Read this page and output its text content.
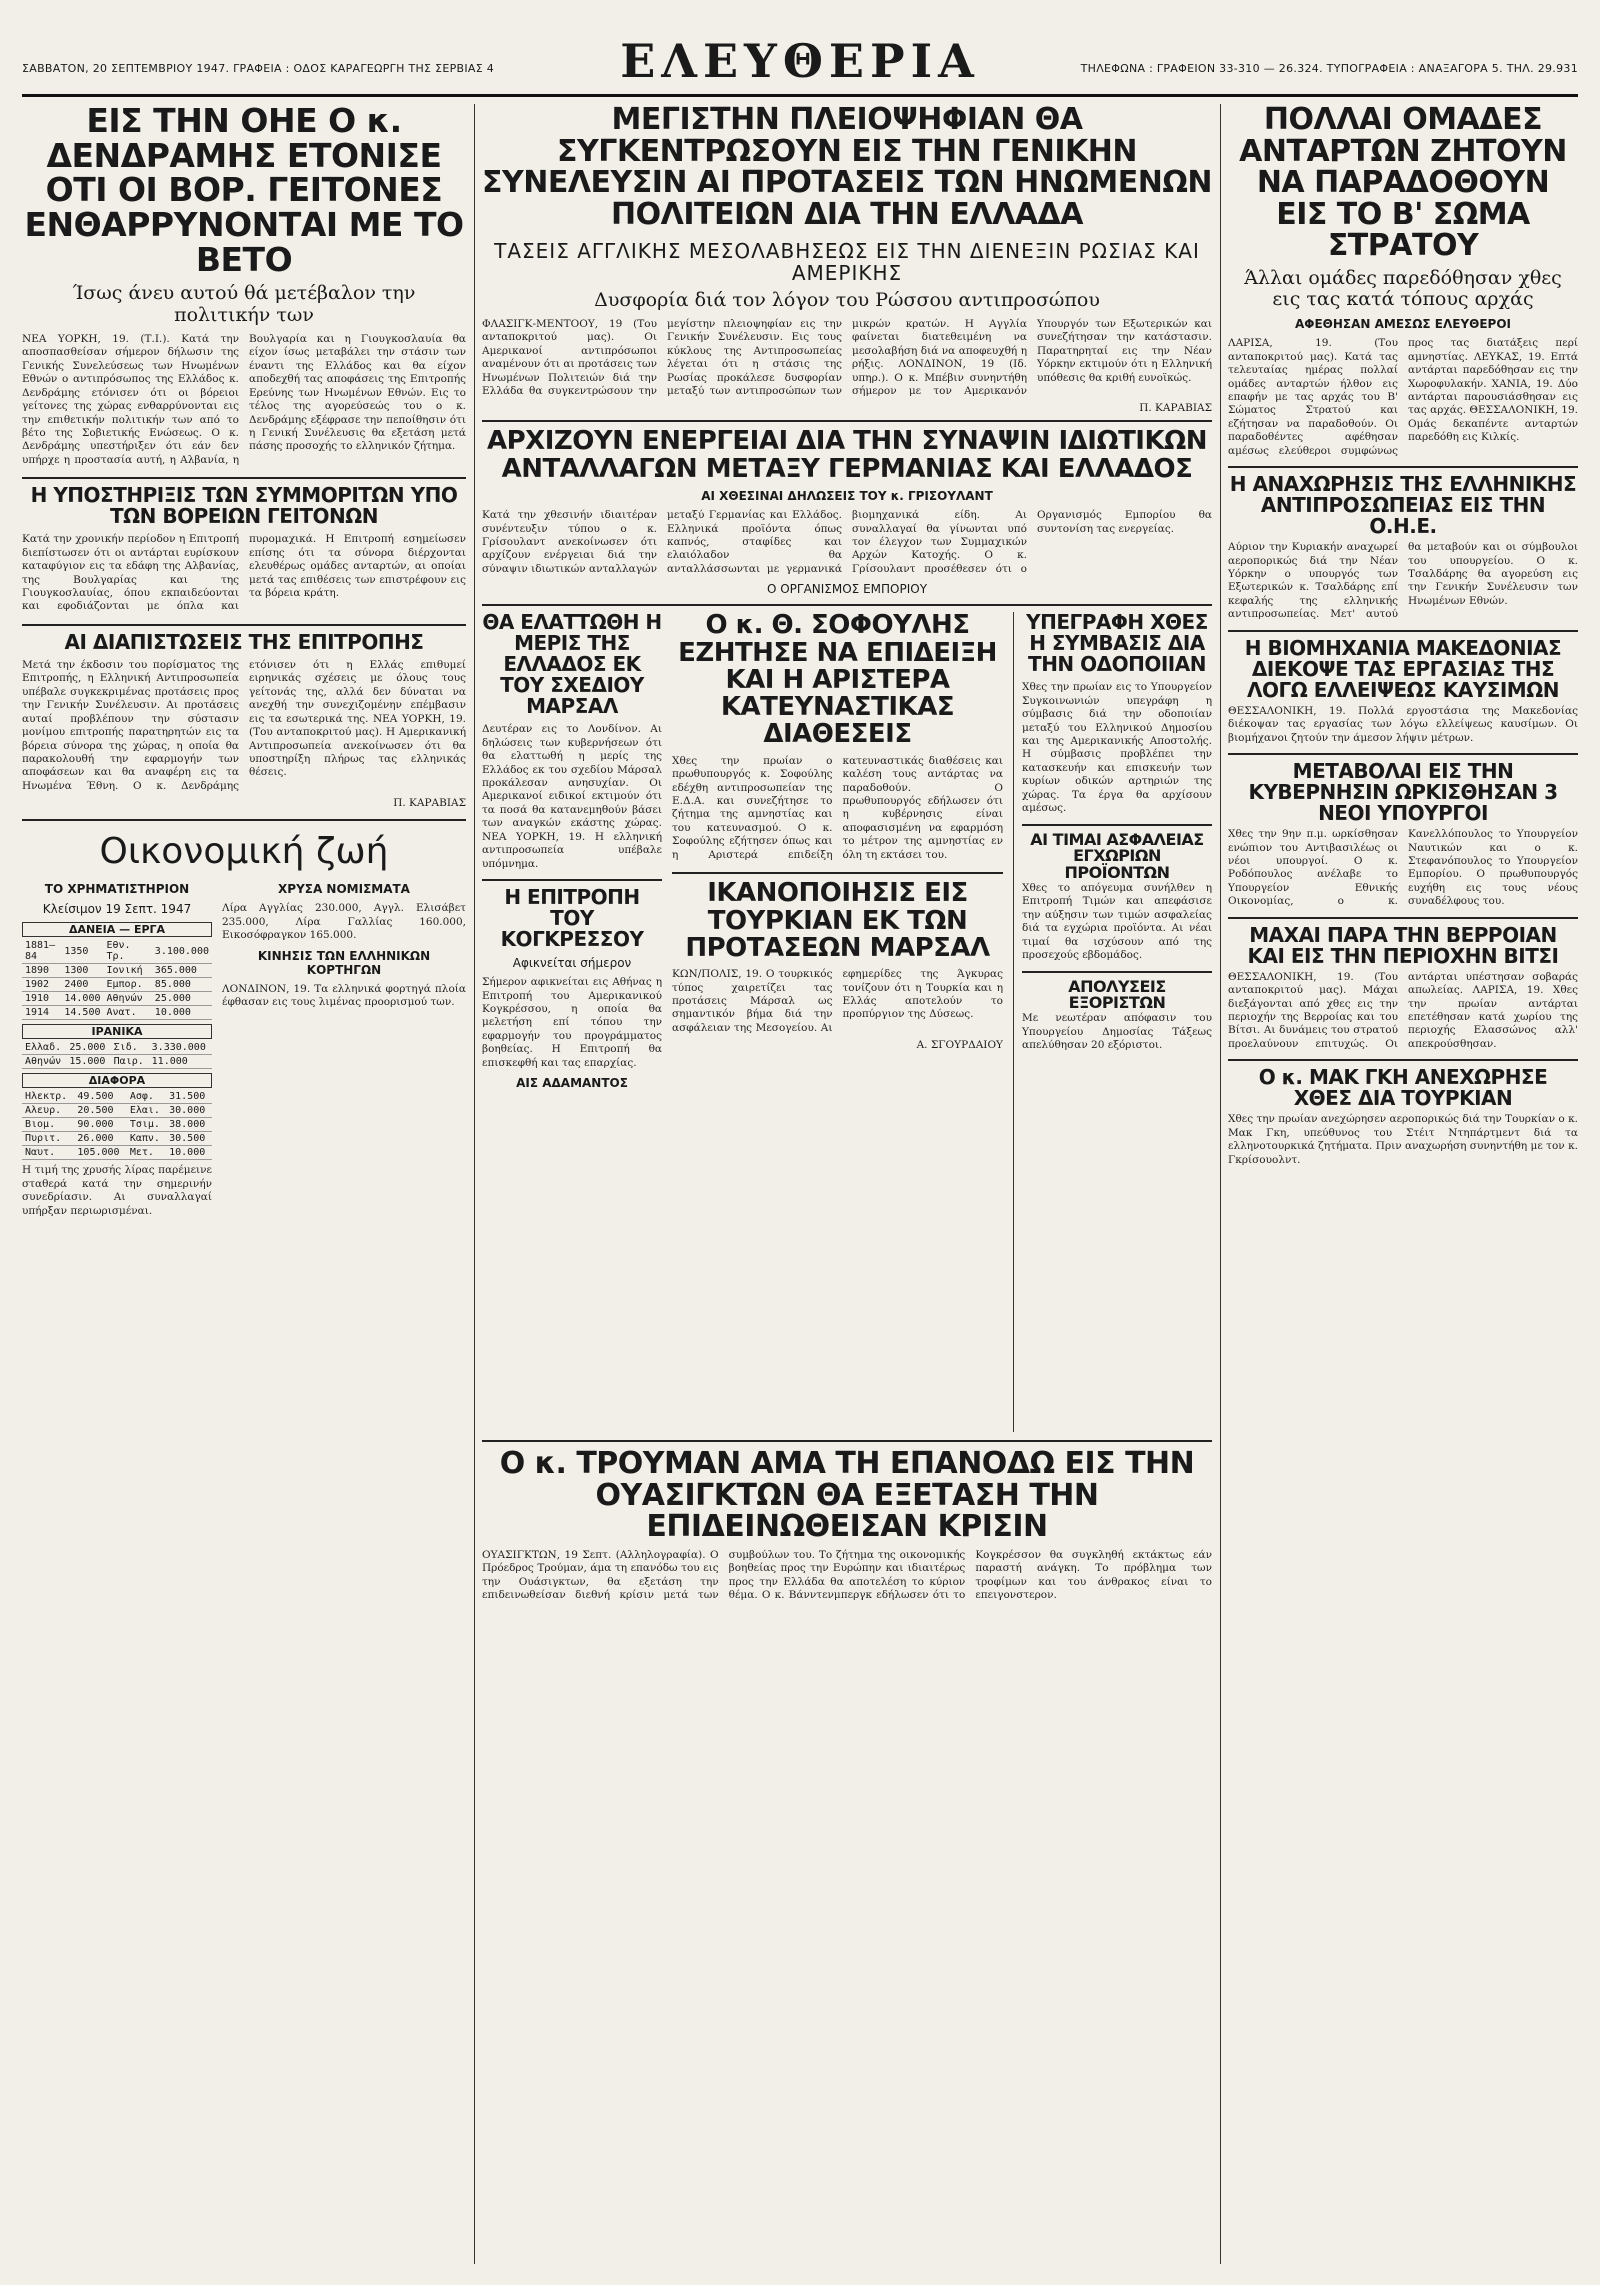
ΣΑΒΒΑΤΟΝ, 20 ΣΕΠΤΕΜΒΡΙΟΥ 1947. ΓΡΑΦΕΙΑ : ΟΔΟΣ ΚΑΡΑΓΕΩΡΓΗ ΤΗΣ ΣΕΡΒΙΑΣ 4	ΕΛΕΥΘΕΡΙΑ	ΤΗΛΕΦΩΝΑ : ΓΡΑΦΕΙΟΝ 33-310 — 26.324. ΤΥΠΟΓΡΑΦΕΙΑ : ΑΝΑΞΑΓΟΡΑ 5. ΤΗΛ. 29.931
ΕΙΣ ΤΗΝ ΟΗΕ Ο κ. ΔΕΝΔΡΑΜΗΣ ΕΤΟΝΙΣΕ ΟΤΙ ΟΙ ΒΟΡ. ΓΕΙΤΟΝΕΣ ΕΝΘΑΡΡΥΝΟΝΤΑΙ ΜΕ ΤΟ ΒΕΤΟ
Ίσως άνευ αυτού θά μετέβαλον την πολιτικήν των

ΝΕΑ ΥΟΡΚΗ, 19. (Τ.Ι.). Κατά την αποσπασθείσαν σήμερον δήλωσιν της Γενικής Συνελεύσεως των Ηνωμένων Εθνών ο αντιπρόσωπος της Ελλάδος κ. Δενδράμης ετόνισεν ότι οι βόρειοι γείτονες της χώρας ενθαρρύνονται εις την επιθετικήν πολιτικήν των από το βέτο της Σοβιετικής Ενώσεως. Ο κ. Δενδράμης υπεστήριξεν ότι εάν δεν υπήρχε η προστασία αυτή, η Αλβανία, η Βουλγαρία και η Γιουγκοσλαυία θα είχον ίσως μεταβάλει την στάσιν των έναντι της Ελλάδος και θα είχον αποδεχθή τας αποφάσεις της Επιτροπής Ερεύνης των Ηνωμένων Εθνών. Εις το τέλος της αγορεύσεώς του ο κ. Δενδράμης εξέφρασε την πεποίθησιν ότι η Γενική Συνέλευσις θα εξετάση μετά πάσης προσοχής το ελληνικόν ζήτημα.

Η ΥΠΟΣΤΗΡΙΞΙΣ ΤΩΝ ΣΥΜΜΟΡΙΤΩΝ ΥΠΟ ΤΩΝ ΒΟΡΕΙΩΝ ΓΕΙΤΟΝΩΝ

Κατά την χρονικήν περίοδον η Επιτροπή διεπίστωσεν ότι οι αντάρται ευρίσκουν καταφύγιον εις τα εδάφη της Αλβανίας, της Βουλγαρίας και της Γιουγκοσλαυίας, όπου εκπαιδεύονται και εφοδιάζονται με όπλα και πυρομαχικά. Η Επιτροπή εσημείωσεν επίσης ότι τα σύνορα διέρχονται ελευθέρως ομάδες ανταρτών, αι οποίαι μετά τας επιθέσεις των επιστρέφουν εις τα βόρεια κράτη.

ΑΙ ΔΙΑΠΙΣΤΩΣΕΙΣ ΤΗΣ ΕΠΙΤΡΟΠΗΣ

Μετά την έκδοσιν του πορίσματος της Επιτροπής, η Ελληνική Αντιπροσωπεία υπέβαλε συγκεκριμένας προτάσεις προς την Γενικήν Συνέλευσιν. Αι προτάσεις αυταί προβλέπουν την σύστασιν μονίμου επιτροπής παρατηρητών εις τα βόρεια σύνορα της χώρας, η οποία θα παρακολουθή την εφαρμογήν των αποφάσεων και θα αναφέρη εις τα Ηνωμένα Έθνη. Ο κ. Δενδράμης ετόνισεν ότι η Ελλάς επιθυμεί ειρηνικάς σχέσεις με όλους τους γείτονάς της, αλλά δεν δύναται να ανεχθή την συνεχιζομένην επέμβασιν εις τα εσωτερικά της. ΝΕΑ ΥΟΡΚΗ, 19. (Του ανταποκριτού μας). Η Αμερικανική Αντιπροσωπεία ανεκοίνωσεν ότι θα υποστηρίξη πλήρως τας ελληνικάς θέσεις.

Π. ΚΑΡΑΒΙΑΣ
Οικονομική ζωή
ΤΟ ΧΡΗΜΑΤΙΣΤΗΡΙΟΝ
Κλείσιμον 19 Σεπτ. 1947
ΔΑΝΕΙΑ — ΕΡΓΑ
1881—84	1350	Εθν. Τρ.	3.100.000
1890	1300	Ιονική	365.000
1902	2400	Εμπορ.	85.000
1910	14.000	Αθηνών	25.000
1914	14.500	Ανατ.	10.000
ΙΡΑΝΙΚΑ
Ελλαδ.	25.000	Σιδ.	3.330.000
Αθηνών	15.000	Παιρ.	11.000
ΔΙΑΦΟΡΑ
Ηλεκτρ.	49.500	Ασφ.	31.500
Αλευρ.	20.500	Ελαι.	30.000
Βιομ.	90.000	Τσιμ.	38.000
Πυριτ.	26.000	Καπν.	30.500
Ναυτ.	105.000	Μετ.	10.000

Η τιμή της χρυσής λίρας παρέμεινε σταθερά κατά την σημερινήν συνεδρίασιν. Αι συναλλαγαί υπήρξαν περιωρισμέναι.

ΧΡΥΣΑ ΝΟΜΙΣΜΑΤΑ

Λίρα Αγγλίας 230.000, Αγγλ. Ελισάβετ 235.000, Λίρα Γαλλίας 160.000, Εικοσόφραγκον 165.000.

ΚΙΝΗΣΙΣ ΤΩΝ ΕΛΛΗΝΙΚΩΝ ΚΟΡΤΗΓΩΝ

ΛΟΝΔΙΝΟΝ, 19. Τα ελληνικά φορτηγά πλοία έφθασαν εις τους λιμένας προορισμού των.

ΜΕΓΙΣΤΗΝ ΠΛΕΙΟΨΗΦΙΑΝ ΘΑ ΣΥΓΚΕΝΤΡΩΣΟΥΝ ΕΙΣ ΤΗΝ ΓΕΝΙΚΗΝ ΣΥΝΕΛΕΥΣΙΝ ΑΙ ΠΡΟΤΑΣΕΙΣ ΤΩΝ ΗΝΩΜΕΝΩΝ ΠΟΛΙΤΕΙΩΝ ΔΙΑ ΤΗΝ ΕΛΛΑΔΑ
ΤΑΣΕΙΣ ΑΓΓΛΙΚΗΣ ΜΕΣΟΛΑΒΗΣΕΩΣ ΕΙΣ ΤΗΝ ΔΙΕΝΕΞΙΝ ΡΩΣΙΑΣ ΚΑΙ ΑΜΕΡΙΚΗΣ
Δυσφορία διά τον λόγον του Ρώσσου αντιπροσώπου

ΦΛΑΣΙΓΚ-ΜΕΝΤΟΟΥ, 19 (Του ανταποκριτού μας). Οι Αμερικανοί αντιπρόσωποι αναμένουν ότι αι προτάσεις των Ηνωμένων Πολιτειών διά την Ελλάδα θα συγκεντρώσουν την μεγίστην πλειοψηφίαν εις την Γενικήν Συνέλευσιν. Εις τους κύκλους της Αντιπροσωπείας λέγεται ότι η στάσις της Ρωσίας προκάλεσε δυσφορίαν μεταξύ των αντιπροσώπων των μικρών κρατών. Η Αγγλία φαίνεται διατεθειμένη να μεσολαβήση διά να αποφευχθή η ρήξις. ΛΟΝΔΙΝΟΝ, 19 (Ιδ. υπηρ.). Ο κ. Μπέβιν συνηντήθη σήμερον με τον Αμερικανόν Υπουργόν των Εξωτερικών και συνεζήτησαν την κατάστασιν. Παρατηρηταί εις την Νέαν Υόρκην εκτιμούν ότι η Ελληνική υπόθεσις θα κριθή ευνοϊκώς.

Π. ΚΑΡΑΒΙΑΣ
ΑΡΧΙΖΟΥΝ ΕΝΕΡΓΕΙΑΙ ΔΙΑ ΤΗΝ ΣΥΝΑΨΙΝ ΙΔΙΩΤΙΚΩΝ ΑΝΤΑΛΛΑΓΩΝ ΜΕΤΑΞΥ ΓΕΡΜΑΝΙΑΣ ΚΑΙ ΕΛΛΑΔΟΣ
ΑΙ ΧΘΕΣΙΝΑΙ ΔΗΛΩΣΕΙΣ ΤΟΥ κ. ΓΡΙΣΟΥΛΑΝΤ

Κατά την χθεσινήν ιδιαιτέραν συνέντευξιν τύπου ο κ. Γρίσουλαντ ανεκοίνωσεν ότι αρχίζουν ενέργειαι διά την σύναψιν ιδιωτικών ανταλλαγών μεταξύ Γερμανίας και Ελλάδος. Ελληνικά προϊόντα όπως καπνός, σταφίδες και ελαιόλαδον θα ανταλλάσσωνται με γερμανικά βιομηχανικά είδη. Αι συναλλαγαί θα γίνωνται υπό τον έλεγχον των Συμμαχικών Αρχών Κατοχής. Ο κ. Γρίσουλαντ προσέθεσεν ότι ο Οργανισμός Εμπορίου θα συντονίση τας ενεργείας.

Ο ΟΡΓΑΝΙΣΜΟΣ ΕΜΠΟΡΙΟΥ
ΘΑ ΕΛΑΤΤΩΘΗ Η ΜΕΡΙΣ ΤΗΣ ΕΛΛΑΔΟΣ ΕΚ ΤΟΥ ΣΧΕΔΙΟΥ ΜΑΡΣΑΛ

Δευτέραν εις το Λονδίνον. Αι δηλώσεις των κυβερνήσεων ότι θα ελαττωθή η μερίς της Ελλάδος εκ του σχεδίου Μάρσαλ προκάλεσαν ανησυχίαν. Οι Αμερικανοί ειδικοί εκτιμούν ότι τα ποσά θα κατανεμηθούν βάσει των αναγκών εκάστης χώρας. ΝΕΑ ΥΟΡΚΗ, 19. Η ελληνική αντιπροσωπεία υπέβαλε υπόμνημα.

Η ΕΠΙΤΡΟΠΗ ΤΟΥ ΚΟΓΚΡΕΣΣΟΥ
Αφικνείται σήμερον

Σήμερον αφικνείται εις Αθήνας η Επιτροπή του Αμερικανικού Κογκρέσσου, η οποία θα μελετήση επί τόπου την εφαρμογήν του προγράμματος βοηθείας. Η Επιτροπή θα επισκεφθή και τας επαρχίας.

ΑΙΣ ΑΔΑΜΑΝΤΟΣ
Ο κ. Θ. ΣΟΦΟΥΛΗΣ ΕΖΗΤΗΣΕ ΝΑ ΕΠΙΔΕΙΞΗ ΚΑΙ Η ΑΡΙΣΤΕΡΑ ΚΑΤΕΥΝΑΣΤΙΚΑΣ ΔΙΑΘΕΣΕΙΣ

Χθες την πρωίαν ο πρωθυπουργός κ. Σοφούλης εδέχθη αντιπροσωπείαν της Ε.Δ.Α. και συνεζήτησε το ζήτημα της αμνηστίας και του κατευνασμού. Ο κ. Σοφούλης εζήτησεν όπως και η Αριστερά επιδείξη κατευναστικάς διαθέσεις και καλέση τους αντάρτας να παραδοθούν. Ο πρωθυπουργός εδήλωσεν ότι η κυβέρνησις είναι αποφασισμένη να εφαρμόση το μέτρον της αμνηστίας εν όλη τη εκτάσει του.

ΙΚΑΝΟΠΟΙΗΣΙΣ ΕΙΣ ΤΟΥΡΚΙΑΝ ΕΚ ΤΩΝ ΠΡΟΤΑΣΕΩΝ ΜΑΡΣΑΛ

ΚΩΝ/ΠΟΛΙΣ, 19. Ο τουρκικός τύπος χαιρετίζει τας προτάσεις Μάρσαλ ως σημαντικόν βήμα διά την ασφάλειαν της Μεσογείου. Αι εφημερίδες της Άγκυρας τονίζουν ότι η Τουρκία και η Ελλάς αποτελούν το προπύργιον της Δύσεως.

Α. ΣΓΟΥΡΔΑΙΟΥ
ΥΠΕΓΡΑΦΗ ΧΘΕΣ Η ΣΥΜΒΑΣΙΣ ΔΙΑ ΤΗΝ ΟΔΟΠΟΙΙΑΝ

Χθες την πρωίαν εις το Υπουργείον Συγκοινωνιών υπεγράφη η σύμβασις διά την οδοποιίαν μεταξύ του Ελληνικού Δημοσίου και της Αμερικανικής Αποστολής. Η σύμβασις προβλέπει την κατασκευήν και επισκευήν των κυρίων οδικών αρτηριών της χώρας. Τα έργα θα αρχίσουν αμέσως.

ΑΙ ΤΙΜΑΙ ΑΣΦΑΛΕΙΑΣ ΕΓΧΩΡΙΩΝ ΠΡΟΪΟΝΤΩΝ

Χθες το απόγευμα συνήλθεν η Επιτροπή Τιμών και απεφάσισε την αύξησιν των τιμών ασφαλείας διά τα εγχώρια προϊόντα. Αι νέαι τιμαί θα ισχύσουν από της προσεχούς εβδομάδος.

ΑΠΟΛΥΣΕΙΣ ΕΞΟΡΙΣΤΩΝ

Με νεωτέραν απόφασιν του Υπουργείου Δημοσίας Τάξεως απελύθησαν 20 εξόριστοι.

Ο κ. ΤΡΟΥΜΑΝ ΑΜΑ ΤΗ ΕΠΑΝΟΔΩ ΕΙΣ ΤΗΝ ΟΥΑΣΙΓΚΤΩΝ ΘΑ ΕΞΕΤΑΣΗ ΤΗΝ ΕΠΙΔΕΙΝΩΘΕΙΣΑΝ ΚΡΙΣΙΝ

ΟΥΑΣΙΓΚΤΩΝ, 19 Σεπτ. (Αλληλογραφία). Ο Πρόεδρος Τρούμαν, άμα τη επανόδω του εις την Ουάσιγκτων, θα εξετάση την επιδεινωθείσαν διεθνή κρίσιν μετά των συμβούλων του. Το ζήτημα της οικονομικής βοηθείας προς την Ευρώπην και ιδιαιτέρως προς την Ελλάδα θα αποτελέση το κύριον θέμα. Ο κ. Βάνντενμπεργκ εδήλωσεν ότι το Κογκρέσσον θα συγκληθή εκτάκτως εάν παραστή ανάγκη. Το πρόβλημα των τροφίμων και του άνθρακος είναι το επειγονστερον.

ΠΟΛΛΑΙ ΟΜΑΔΕΣ ΑΝΤΑΡΤΩΝ ΖΗΤΟΥΝ ΝΑ ΠΑΡΑΔΟΘΟΥΝ ΕΙΣ ΤΟ Β' ΣΩΜΑ ΣΤΡΑΤΟΥ
Άλλαι ομάδες παρεδόθησαν χθες εις τας κατά τόπους αρχάς
ΑΦΕΘΗΣΑΝ ΑΜΕΣΩΣ ΕΛΕΥΘΕΡΟΙ

ΛΑΡΙΣΑ, 19. (Του ανταποκριτού μας). Κατά τας τελευταίας ημέρας πολλαί ομάδες ανταρτών ήλθον εις επαφήν με τας αρχάς του Β' Σώματος Στρατού και εζήτησαν να παραδοθούν. Οι παραδοθέντες αφέθησαν αμέσως ελεύθεροι συμφώνως προς τας διατάξεις περί αμνηστίας. ΛΕΥΚΑΣ, 19. Επτά αντάρται παρεδόθησαν εις την Χωροφυλακήν. ΧΑΝΙΑ, 19. Δύο αντάρται παρουσιάσθησαν εις τας αρχάς. ΘΕΣΣΑΛΟΝΙΚΗ, 19. Ομάς δεκαπέντε ανταρτών παρεδόθη εις Κιλκίς.

Η ΑΝΑΧΩΡΗΣΙΣ ΤΗΣ ΕΛΛΗΝΙΚΗΣ ΑΝΤΙΠΡΟΣΩΠΕΙΑΣ ΕΙΣ ΤΗΝ Ο.Η.Ε.

Αύριον την Κυριακήν αναχωρεί αεροπορικώς διά την Νέαν Υόρκην ο υπουργός των Εξωτερικών κ. Τσαλδάρης επί κεφαλής της ελληνικής αντιπροσωπείας. Μετ' αυτού θα μεταβούν και οι σύμβουλοι του υπουργείου. Ο κ. Τσαλδάρης θα αγορεύση εις την Γενικήν Συνέλευσιν των Ηνωμένων Εθνών.

Η ΒΙΟΜΗΧΑΝΙΑ ΜΑΚΕΔΟΝΙΑΣ ΔΙΕΚΟΨΕ ΤΑΣ ΕΡΓΑΣΙΑΣ ΤΗΣ ΛΟΓΩ ΕΛΛΕΙΨΕΩΣ ΚΑΥΣΙΜΩΝ

ΘΕΣΣΑΛΟΝΙΚΗ, 19. Πολλά εργοστάσια της Μακεδονίας διέκοψαν τας εργασίας των λόγω ελλείψεως καυσίμων. Οι βιομήχανοι ζητούν την άμεσον λήψιν μέτρων.

ΜΕΤΑΒΟΛΑΙ ΕΙΣ ΤΗΝ ΚΥΒΕΡΝΗΣΙΝ ΩΡΚΙΣΘΗΣΑΝ 3 ΝΕΟΙ ΥΠΟΥΡΓΟΙ

Χθες την 9ην π.μ. ωρκίσθησαν ενώπιον του Αντιβασιλέως οι νέοι υπουργοί. Ο κ. Ροδόπουλος ανέλαβε το Υπουργείον Εθνικής Οικονομίας, ο κ. Κανελλόπουλος το Υπουργείον Ναυτικών και ο κ. Στεφανόπουλος το Υπουργείον Εμπορίου. Ο πρωθυπουργός ευχήθη εις τους νέους συναδέλφους του.

ΜΑΧΑΙ ΠΑΡΑ ΤΗΝ ΒΕΡΡΟΙΑΝ ΚΑΙ ΕΙΣ ΤΗΝ ΠΕΡΙΟΧΗΝ ΒΙΤΣΙ

ΘΕΣΣΑΛΟΝΙΚΗ, 19. (Του ανταποκριτού μας). Μάχαι διεξάγονται από χθες εις την περιοχήν της Βερροίας και του Βίτσι. Αι δυνάμεις του στρατού προελαύνουν επιτυχώς. Οι αντάρται υπέστησαν σοβαράς απωλείας. ΛΑΡΙΣΑ, 19. Χθες την πρωίαν αντάρται επετέθησαν κατά χωρίου της περιοχής Ελασσώνος αλλ' απεκρούσθησαν.

Ο κ. ΜΑΚ ΓΚΗ ΑΝΕΧΩΡΗΣΕ ΧΘΕΣ ΔΙΑ ΤΟΥΡΚΙΑΝ

Χθες την πρωίαν ανεχώρησεν αεροπορικώς διά την Τουρκίαν ο κ. Μακ Γκη, υπεύθυνος του Στέιτ Ντηπάρτμεντ διά τα ελληνοτουρκικά ζητήματα. Πριν αναχωρήση συνηντήθη με τον κ. Γκρίσουολντ.
